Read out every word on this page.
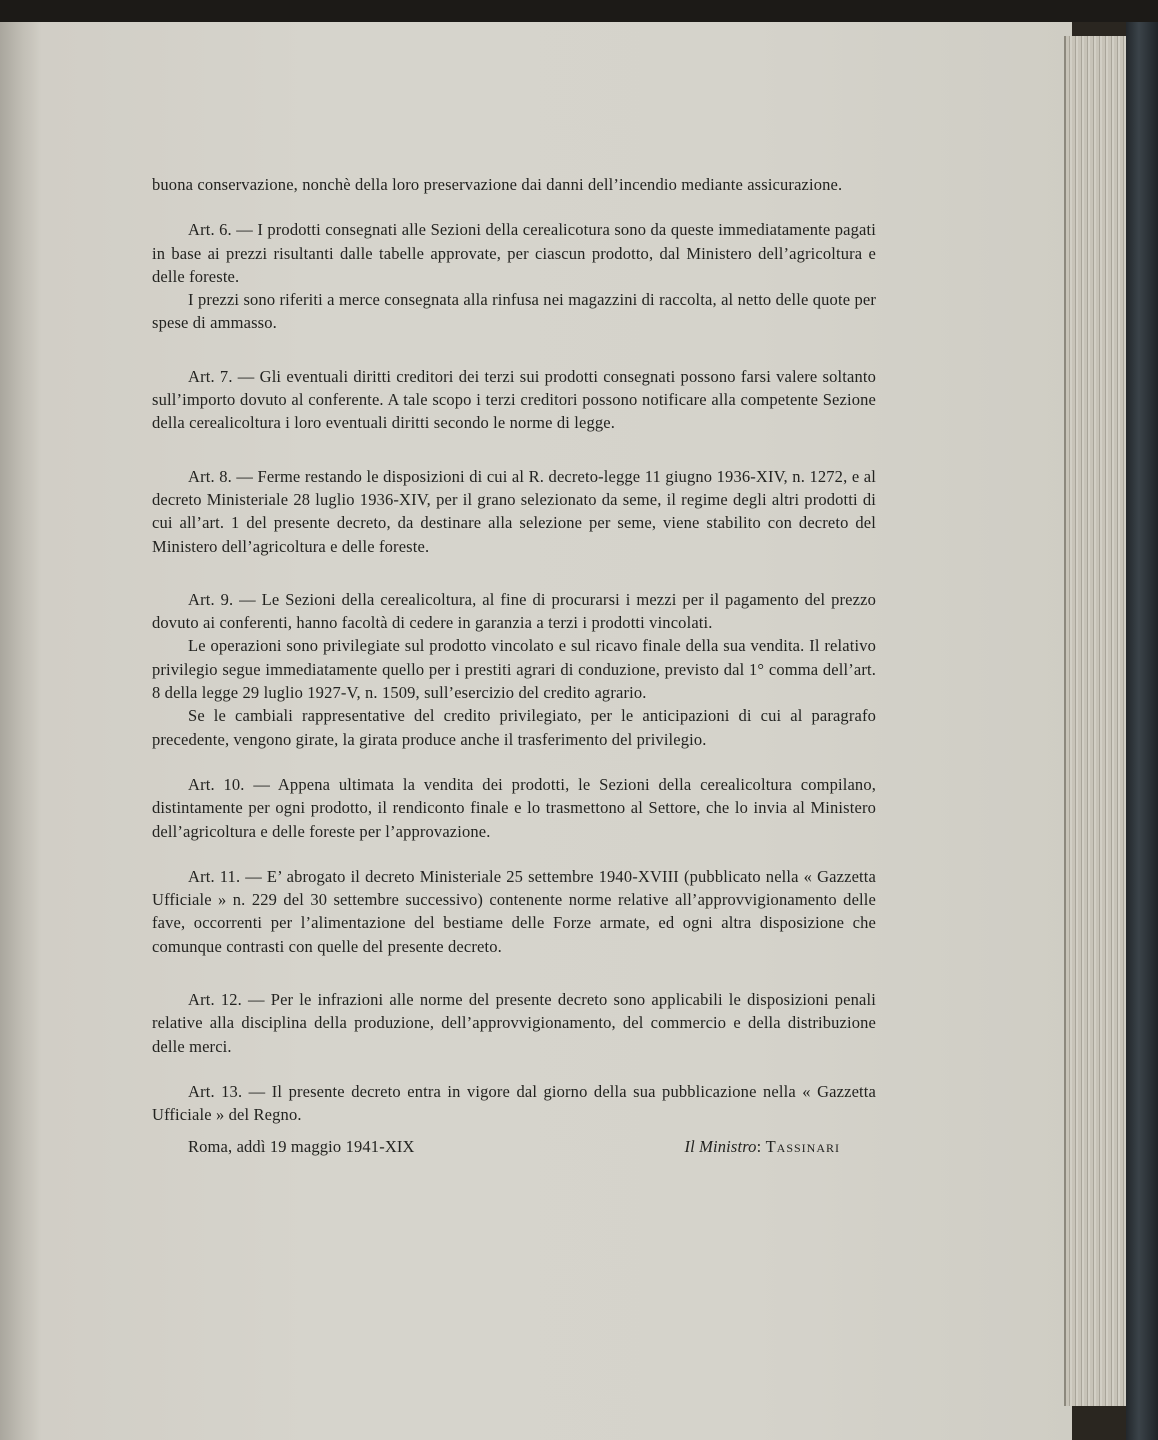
buona conservazione, nonchè della loro preservazione dai danni dell’incendio mediante assicurazione.

Art. 6. — I prodotti consegnati alle Sezioni della cerealicotura sono da queste immediatamente pagati in base ai prezzi risultanti dalle tabelle approvate, per ciascun prodotto, dal Ministero dell’agricoltura e delle foreste.

I prezzi sono riferiti a merce consegnata alla rinfusa nei magazzini di raccolta, al netto delle quote per spese di ammasso.

Art. 7. — Gli eventuali diritti creditori dei terzi sui prodotti consegnati possono farsi valere soltanto sull’importo dovuto al conferente. A tale scopo i terzi creditori possono notificare alla competente Sezione della cerealicoltura i loro eventuali diritti secondo le norme di legge.

Art. 8. — Ferme restando le disposizioni di cui al R. decreto-legge 11 giugno 1936-XIV, n. 1272, e al decreto Ministeriale 28 luglio 1936-XIV, per il grano selezionato da seme, il regime degli altri prodotti di cui all’art. 1 del presente decreto, da destinare alla selezione per seme, viene stabilito con decreto del Ministero dell’agricoltura e delle foreste.

Art. 9. — Le Sezioni della cerealicoltura, al fine di procurarsi i mezzi per il pagamento del prezzo dovuto ai conferenti, hanno facoltà di cedere in garanzia a terzi i prodotti vincolati.

Le operazioni sono privilegiate sul prodotto vincolato e sul ricavo finale della sua vendita. Il relativo privilegio segue immediatamente quello per i prestiti agrari di conduzione, previsto dal 1° comma dell’art. 8 della legge 29 luglio 1927-V, n. 1509, sull’esercizio del credito agrario.

Se le cambiali rappresentative del credito privilegiato, per le anticipazioni di cui al paragrafo precedente, vengono girate, la girata produce anche il trasferimento del privilegio.

Art. 10. — Appena ultimata la vendita dei prodotti, le Sezioni della cerealicoltura compilano, distintamente per ogni prodotto, il rendiconto finale e lo trasmettono al Settore, che lo invia al Ministero dell’agricoltura e delle foreste per l’approvazione.

Art. 11. — E’ abrogato il decreto Ministeriale 25 settembre 1940-XVIII (pubblicato nella « Gazzetta Ufficiale » n. 229 del 30 settembre successivo) contenente norme relative all’approvvigionamento delle fave, occorrenti per l’alimentazione del bestiame delle Forze armate, ed ogni altra disposizione che comunque contrasti con quelle del presente decreto.

Art. 12. — Per le infrazioni alle norme del presente decreto sono applicabili le disposizioni penali relative alla disciplina della produzione, dell’approvvigionamento, del commercio e della distribuzione delle merci.

Art. 13. — Il presente decreto entra in vigore dal giorno della sua pubblicazione nella « Gazzetta Ufficiale » del Regno.

Roma, addì 19 maggio 1941-XIX	Il Ministro: Tassinari
